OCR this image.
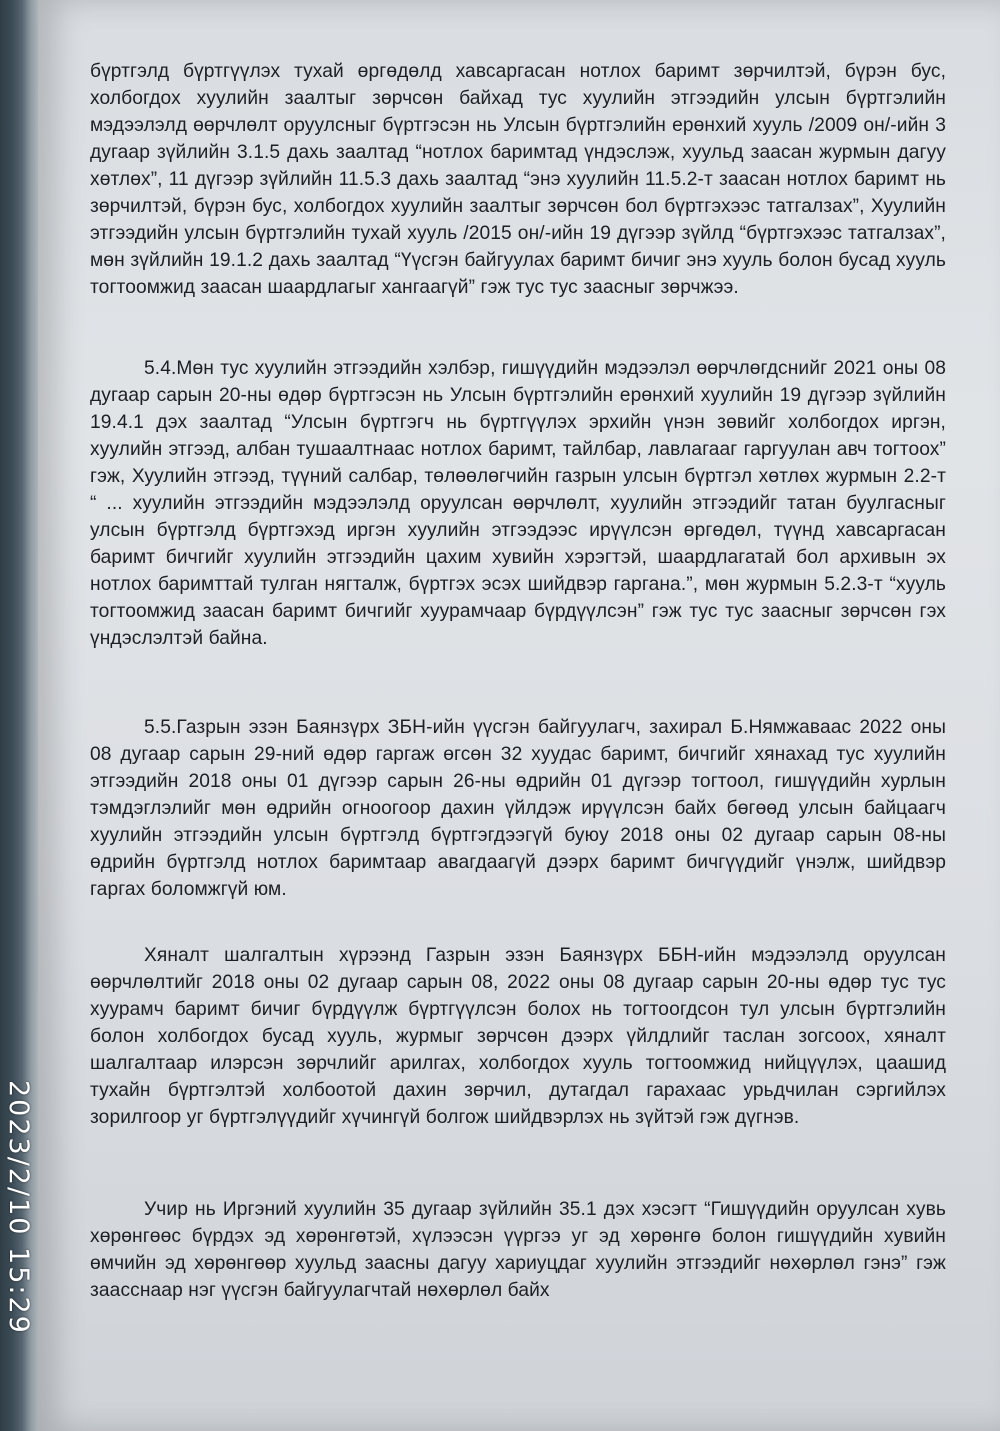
бүртгэлд бүртгүүлэх тухай өргөдөлд хавсаргасан нотлох баримт зөрчилтэй, бүрэн бус, холбогдох хуулийн заалтыг зөрчсөн байхад тус хуулийн этгээдийн улсын бүртгэлийн мэдээлэлд өөрчлөлт оруулсныг бүртгэсэн нь Улсын бүртгэлийн ерөнхий хууль /2009 он/-ийн 3 дугаар зүйлийн 3.1.5 дахь заалтад “нотлох баримтад үндэслэж, хуульд заасан журмын дагуу хөтлөх”, 11 дүгээр зүйлийн 11.5.3 дахь заалтад “энэ хуулийн 11.5.2-т заасан нотлох баримт нь зөрчилтэй, бүрэн бус, холбогдох хуулийн заалтыг зөрчсөн бол бүртгэхээс татгалзах”, Хуулийн этгээдийн улсын бүртгэлийн тухай хууль /2015 он/-ийн 19 дүгээр зүйлд “бүртгэхээс татгалзах”, мөн зүйлийн 19.1.2 дахь заалтад “Үүсгэн байгуулах баримт бичиг энэ хууль болон бусад хууль тогтоомжид заасан шаардлагыг хангаагүй” гэж тус тус заасныг зөрчжээ.

5.4.Мөн тус хуулийн этгээдийн хэлбэр, гишүүдийн мэдээлэл өөрчлөгдснийг 2021 оны 08 дугаар сарын 20-ны өдөр бүртгэсэн нь Улсын бүртгэлийн ерөнхий хуулийн 19 дүгээр зүйлийн 19.4.1 дэх заалтад “Улсын бүртгэгч нь бүртгүүлэх эрхийн үнэн зөвийг холбогдох иргэн, хуулийн этгээд, албан тушаалтнаас нотлох баримт, тайлбар, лавлагааг гаргуулан авч тогтоох” гэж, Хуулийн этгээд, түүний салбар, төлөөлөгчийн газрын улсын бүртгэл хөтлөх журмын 2.2-т “ ... хуулийн этгээдийн мэдээлэлд оруулсан өөрчлөлт, хуулийн этгээдийг татан буулгасныг улсын бүртгэлд бүртгэхэд иргэн хуулийн этгээдээс ирүүлсэн өргөдөл, түүнд хавсаргасан баримт бичгийг хуулийн этгээдийн цахим хувийн хэрэгтэй, шаардлагатай бол архивын эх нотлох баримттай тулган нягталж, бүртгэх эсэх шийдвэр гаргана.”, мөн журмын 5.2.3-т “хууль тогтоомжид заасан баримт бичгийг хуурамчаар бүрдүүлсэн” гэж тус тус заасныг зөрчсөн гэх үндэслэлтэй байна.

5.5.Газрын эзэн Баянзүрх ЗБН-ийн үүсгэн байгуулагч, захирал Б.Нямжаваас 2022 оны 08 дугаар сарын 29-ний өдөр гаргаж өгсөн 32 хуудас баримт, бичгийг хянахад тус хуулийн этгээдийн 2018 оны 01 дүгээр сарын 26-ны өдрийн 01 дүгээр тогтоол, гишүүдийн хурлын тэмдэглэлийг мөн өдрийн огноогоор дахин үйлдэж ирүүлсэн байх бөгөөд улсын байцаагч хуулийн этгээдийн улсын бүртгэлд бүртгэгдээгүй буюу 2018 оны 02 дугаар сарын 08-ны өдрийн бүртгэлд нотлох баримтаар авагдаагүй дээрх баримт бичгүүдийг үнэлж, шийдвэр гаргах боломжгүй юм.

Хяналт шалгалтын хүрээнд Газрын эзэн Баянзүрх ББН-ийн мэдээлэлд оруулсан өөрчлөлтийг 2018 оны 02 дугаар сарын 08, 2022 оны 08 дугаар сарын 20-ны өдөр тус тус хуурамч баримт бичиг бүрдүүлж бүртгүүлсэн болох нь тогтоогдсон тул улсын бүртгэлийн болон холбогдох бусад хууль, журмыг зөрчсөн дээрх үйлдлийг таслан зогсоох, хяналт шалгалтаар илэрсэн зөрчлийг арилгах, холбогдох хууль тогтоомжид нийцүүлэх, цаашид тухайн бүртгэлтэй холбоотой дахин зөрчил, дутагдал гарахаас урьдчилан сэргийлэх зорилгоор уг бүртгэлүүдийг хүчингүй болгож шийдвэрлэх нь зүйтэй гэж дүгнэв.

Учир нь Иргэний хуулийн 35 дугаар зүйлийн 35.1 дэх хэсэгт “Гишүүдийн оруулсан хувь хөрөнгөөс бүрдэх эд хөрөнгөтэй, хүлээсэн үүргээ уг эд хөрөнгө болон гишүүдийн хувийн өмчийн эд хөрөнгөөр хуульд заасны дагуу хариуцдаг хуулийн этгээдийг нөхөрлөл гэнэ” гэж заасснаар нэг үүсгэн байгуулагчтай нөхөрлөл байх

2023/2/10 15:29
